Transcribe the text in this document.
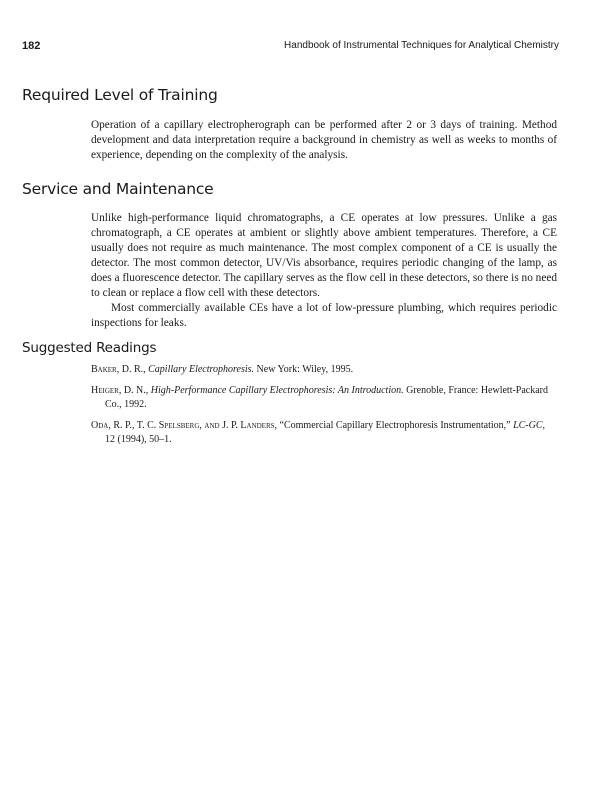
182	Handbook of Instrumental Techniques for Analytical Chemistry
Required Level of Training

Operation of a capillary electropherograph can be performed after 2 or 3 days of training. Method development and data interpretation require a background in chemistry as well as weeks to months of experience, depending on the complexity of the analysis.

Service and Maintenance

Unlike high-performance liquid chromatographs, a CE operates at low pressures. Unlike a gas chromatograph, a CE operates at ambient or slightly above ambient temperatures. Therefore, a CE usually does not require as much maintenance. The most complex component of a CE is usually the detector. The most common detector, UV/Vis absorbance, requires periodic changing of the lamp, as does a fluorescence detector. The capillary serves as the flow cell in these detectors, so there is no need to clean or replace a flow cell with these detectors.

Most commercially available CEs have a lot of low-pressure plumbing, which requires periodic inspections for leaks.

Suggested Readings

Baker, D. R., Capillary Electrophoresis. New York: Wiley, 1995.

Heiger, D. N., High-Performance Capillary Electrophoresis: An Introduction. Grenoble, France: Hewlett-Packard Co., 1992.

Oda, R. P., T. C. Spelsberg, and J. P. Landers, “Commercial Capillary Electrophoresis Instrumentation,” LC-GC, 12 (1994), 50–1.
